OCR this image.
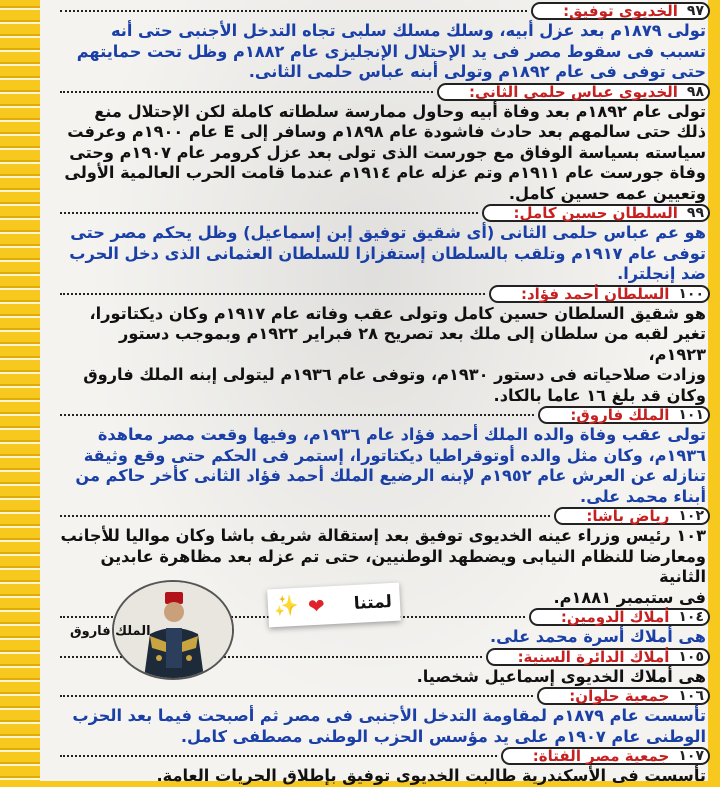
٩٧
الخديوى توفيق:

تولى ١٨٧٩م بعد عزل أبيه، وسلك مسلك سلبى تجاه التدخل الأجنبى حتى أنه

تسبب فى سقوط مصر فى يد الإحتلال الإنجليزى عام ١٨٨٢م وظل تحت حمايتهم

حتى توفى فى عام ١٨٩٢م وتولى أبنه عباس حلمى الثانى.

٩٨
الخديوى عباس حلمى الثانى:

تولى عام ١٨٩٢م بعد وفاة أبيه وحاول ممارسة سلطاته كاملة لكن الإحتلال منع

ذلك حتى سالمهم بعد حادث فاشودة عام ١٨٩٨م وسافر إلى E عام ١٩٠٠م وعرفت

سياسته بسياسة الوفاق مع جورست الذى تولى بعد عزل كرومر عام ١٩٠٧م وحتى

وفاة جورست عام ١٩١١م وتم عزله عام ١٩١٤م عندما قامت الحرب العالمية الأولى

وتعيين عمه حسين كامل.

٩٩
السلطان حسين كامل:

هو عم عباس حلمى الثانى (أى شقيق توفيق إبن إسماعيل) وظل يحكم مصر حتى

توفى عام ١٩١٧م وتلقب بالسلطان إستفزازا للسلطان العثمانى الذى دخل الحرب

ضد إنجلترا.

١٠٠
السلطان أحمد فؤاد:

هو شقيق السلطان حسين كامل وتولى عقب وفاته عام ١٩١٧م وكان ديكتاتورا،

تغير لقبه من سلطان إلى ملك بعد تصريح ٢٨ فبراير ١٩٢٢م وبموجب دستور ١٩٢٣م،

وزادت صلاحياته فى دستور ١٩٣٠م، وتوفى عام ١٩٣٦م ليتولى إبنه الملك فاروق

وكان قد بلغ ١٦ عاما بالكاد.

١٠١
الملك فاروق:

تولى عقب وفاة والده الملك أحمد فؤاد عام ١٩٣٦م، وفيها وقعت مصر معاهدة

١٩٣٦م، وكان مثل والده أوتوقراطيا ديكتاتورا، إستمر فى الحكم حتى وقع وثيقة

تنازله عن العرش عام ١٩٥٢م لإبنه الرضيع الملك أحمد فؤاد الثانى كأخر حاكم من

أبناء محمد على.

١٠٢
رياض باشا:

١٠٣ رئيس وزراء عينه الخديوى توفيق بعد إستقالة شريف باشا وكان مواليا للأجانب

ومعارضا للنظام النيابى ويضطهد الوطنيين، حتى تم عزله بعد مظاهرة عابدين الثانية

فى ستبمبر ١٨٨١م.

١٠٤
أملاك الدومين:

هى أملاك أسرة محمد على.

١٠٥
أملاك الدائرة السنية:

هى أملاك الخديوى إسماعيل شخصيا.

١٠٦
جمعية حلوان:

تأسست عام ١٨٧٩م لمقاومة التدخل الأجنبى فى مصر ثم أصبحت فيما بعد الحزب

الوطنى عام ١٩٠٧م على يد مؤسس الحزب الوطنى مصطفى كامل.

١٠٧
جمعية مصر الفتاة:

تأسست فى الأسكندرية طالبت الخديوى توفيق بإطلاق الحريات العامة.

الملك فاروق
لمتنا
❤
✨
